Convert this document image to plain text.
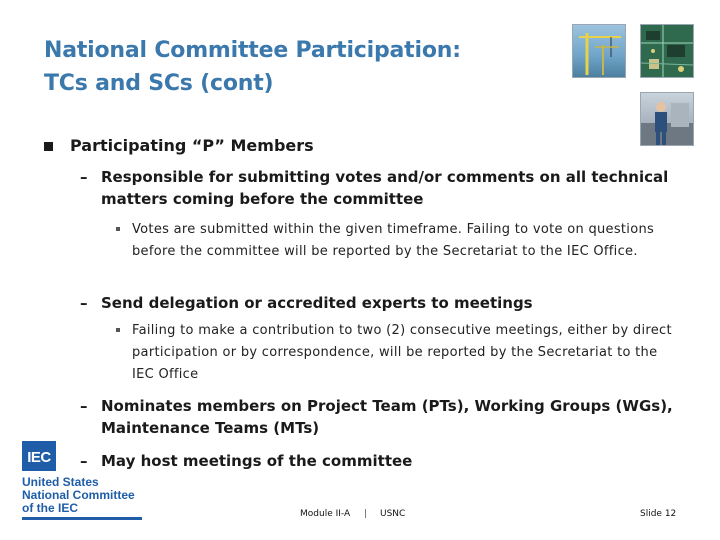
National Committee Participation:
TCs and SCs (cont)
Participating “P” Members
– Responsible for submitting votes and/or comments on all technical matters coming before the committee
Votes are submitted within the given timeframe. Failing to vote on questions before the committee will be reported by the Secretariat to the IEC Office.
– Send delegation or accredited experts to meetings
Failing to make a contribution to two (2) consecutive meetings, either by direct participation or by correspondence, will be reported by the Secretariat to the IEC Office
– Nominates members on Project Team (PTs), Working Groups (WGs), Maintenance Teams (MTs)
– May host meetings of the committee
IEC
United States
National Committee
of the IEC	Module II-A | USNC	Slide 12
